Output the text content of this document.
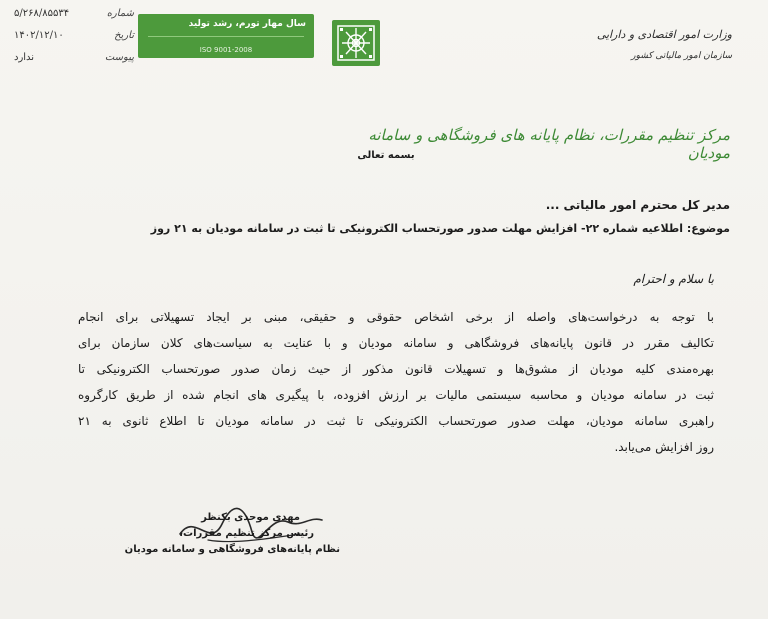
شماره
۵/۲۶۸/۸۵۵۳۴
تاریخ
۱۴۰۲/۱۲/۱۰
پیوست
ندارد
سال مهار تورم، رشد تولید
ISO 9001-2008
وزارت امور اقتصادی و دارایی
سازمان امور مالیاتی کشور
مرکز تنظیم مقررات، نظام پایانه های فروشگاهی و سامانه مودیان
بسمه تعالی
مدیر کل محترم امور مالیاتی ...
موضوع: اطلاعیه شماره ۲۲- افزایش مهلت صدور صورتحساب الکترونیکی تا ثبت در سامانه مودیان به ۲۱ روز
با سلام و احترام
با توجه به درخواست‌های واصله از برخی اشخاص حقوقی و حقیقی، مبنی بر ایجاد تسهیلاتی برای انجام
تکالیف مقرر در قانون پایانه‌های فروشگاهی و سامانه مودیان و با عنایت به سیاست‌های کلان سازمان برای
بهره‌مندی کلیه مودیان از مشوق‌ها و تسهیلات قانون مذکور از حیث زمان صدور صورتحساب الکترونیکی تا
ثبت در سامانه مودیان و محاسبه سیستمی مالیات بر ارزش افزوده، با پیگیری های انجام شده از طریق کارگروه
راهبری سامانه مودیان، مهلت صدور صورتحساب الکترونیکی تا ثبت در سامانه مودیان تا اطلاع ثانوی به ۲۱
روز افزایش می‌یابد.
مهدی موحدی بکنظر
رئیس مرکز تنظیم مقررات،
نظام پایانه‌های فروشگاهی و سامانه مودیان
